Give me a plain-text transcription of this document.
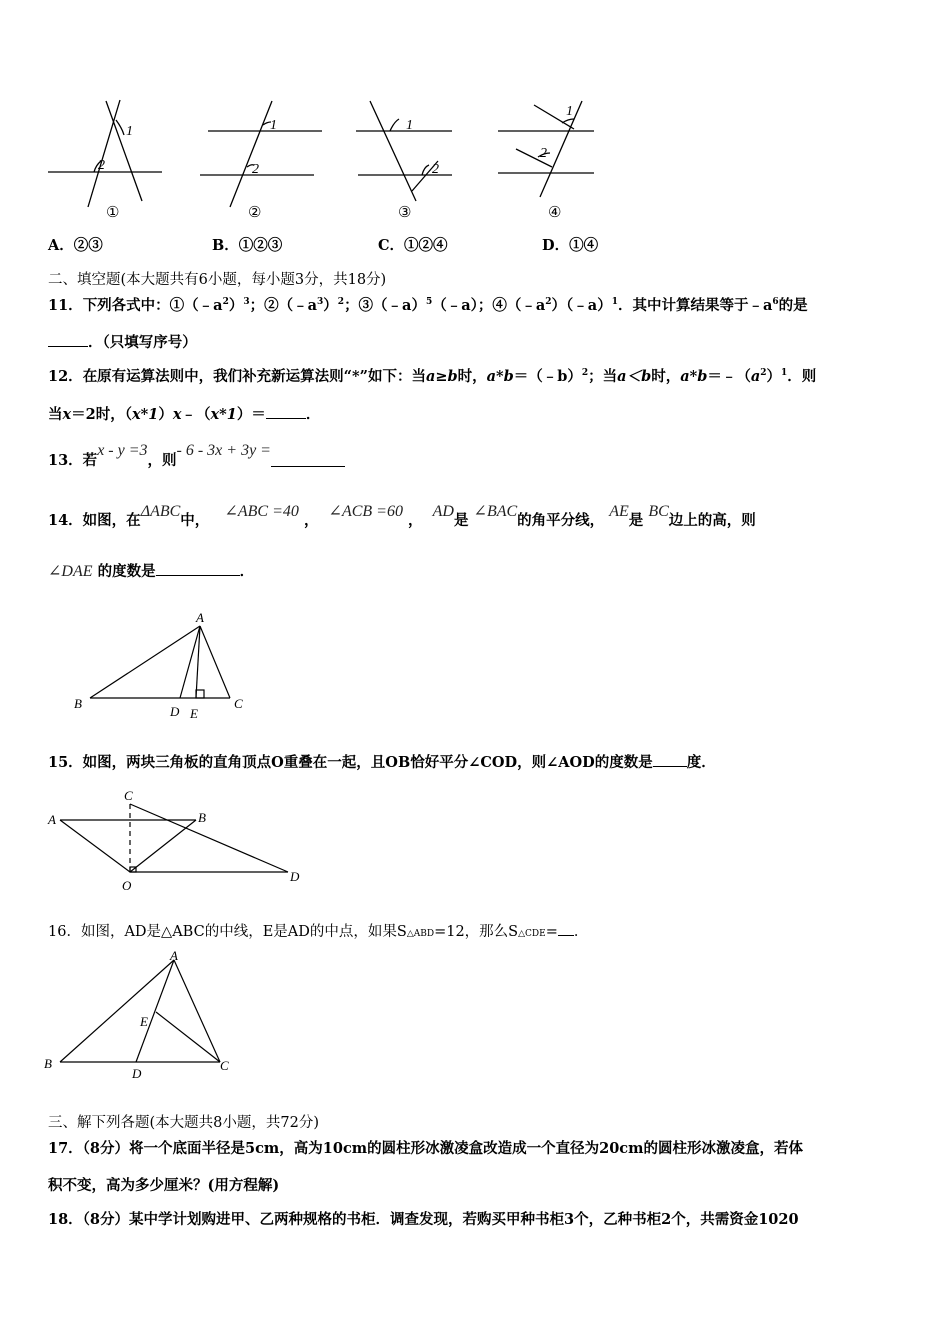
1
2
1
2
1
2
1
2
①	②	③	④
A．②③	B．①②③	C．①②④	D．①④
二、填空题(本大题共有6小题，每小题3分，共18分)
11．下列各式中：$①(﹣a^2)^3$；$②(﹣a^3)^2$；③（﹣a）$^5$（﹣a）；$④(﹣a^2)(﹣a)^1$．其中计算结果等于$﹣a^6$的是
．（只填写序号）
12．在原有运算法则中，我们补充新运算法则“*”如下：当a≥b时，a*b＝（﹣b）$^2$；当a＜b时，$a*b=﹣(a^2)^1$．则
当x＝2时，（x*1）x﹣（x*1）＝	．
13．若x - y =3，则- 6 - 3x + 3y =
14．如图，在ΔABC中，   ∠ABC =40 ，  ∠ACB =60 ，  AD是 ∠BAC的角平分线， AE是 BC边上的高，则
∠DAE 的度数是	．
A
B	C
D E
15．如图，两块三角板的直角顶点O重叠在一起，且OB恰好平分∠COD，则∠AOD的度数是 度．
A	B
C
D
O
16．如图，AD是△ABC的中线，E是AD的中点，如果S△ABD=12，那么S△CDE= ．
A
B	C
D
E
三、解下列各题(本大题共8小题，共72分)
17．（8分）将一个底面半径是5cm，高为10cm的圆柱形冰激凌盒改造成一个直径为20cm的圆柱形冰激凌盒，若体
积不变，高为多少厘米？(用方程解)
18．（8分）某中学计划购进甲、乙两种规格的书柜．调查发现，若购买甲种书柜3个，乙种书柜2个，共需资金1020
